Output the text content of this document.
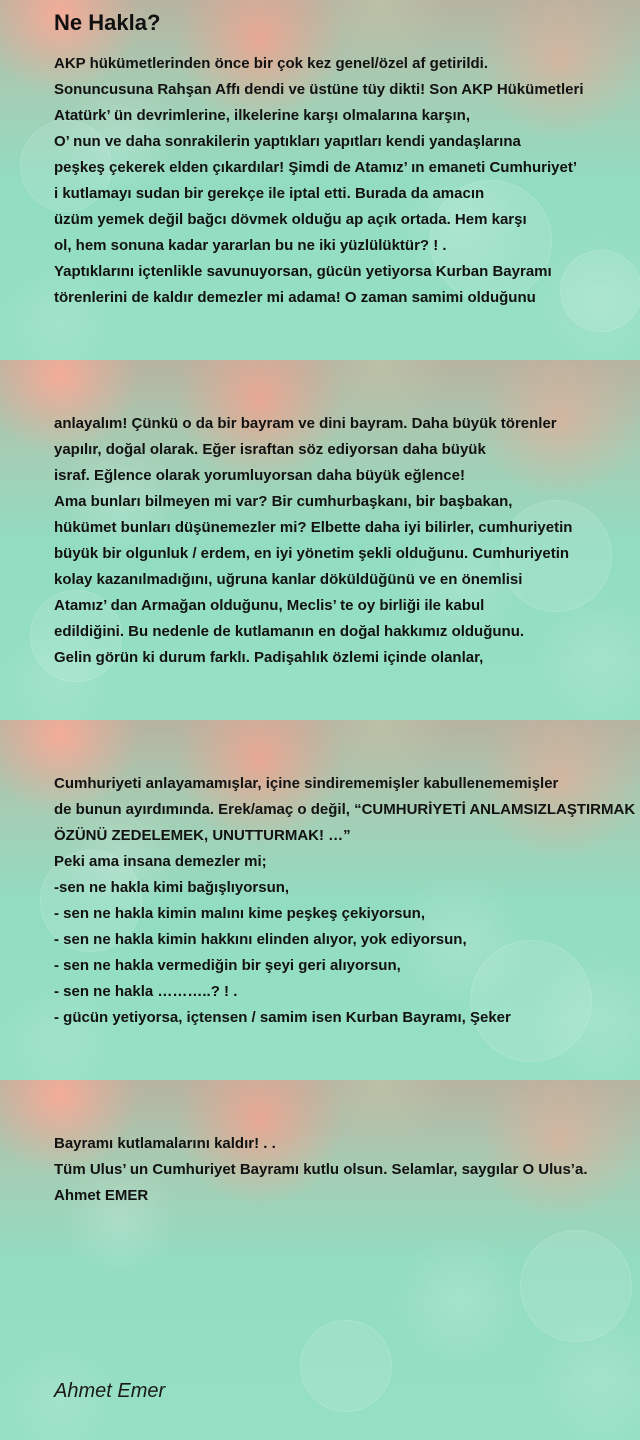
Ne Hakla?
AKP hükümetlerinden önce bir çok kez genel/özel af getirildi.
Sonuncusuna Rahşan Affı dendi ve üstüne tüy dikti! Son AKP Hükümetleri
Atatürk’ ün devrimlerine, ilkelerine karşı olmalarına karşın,
O’ nun ve daha sonrakilerin yaptıkları yapıtları kendi yandaşlarına
peşkeş çekerek elden çıkardılar! Şimdi de Atamız’ ın emaneti Cumhuriyet’
i kutlamayı sudan bir gerekçe ile iptal etti. Burada da amacın
üzüm yemek değil bağcı dövmek olduğu ap açık ortada. Hem karşı
ol, hem sonuna kadar yararlan bu ne iki yüzlülüktür? ! .
Yaptıklarını içtenlikle savunuyorsan, gücün yetiyorsa Kurban Bayramı
törenlerini de kaldır demezler mi adama! O zaman samimi olduğunu
anlayalım! Çünkü o da bir bayram ve dini bayram. Daha büyük törenler
yapılır, doğal olarak. Eğer israftan söz ediyorsan daha büyük
israf. Eğlence olarak yorumluyorsan daha büyük eğlence!
Ama bunları bilmeyen mi var? Bir cumhurbaşkanı, bir başbakan,
hükümet bunları düşünemezler mi? Elbette daha iyi bilirler, cumhuriyetin
büyük bir olgunluk / erdem, en iyi yönetim şekli olduğunu. Cumhuriyetin
kolay kazanılmadığını, uğruna kanlar döküldüğünü ve en önemlisi
Atamız’ dan Armağan olduğunu, Meclis’ te oy birliği ile kabul
edildiğini. Bu nedenle de kutlamanın en doğal hakkımız olduğunu.
Gelin görün ki durum farklı. Padişahlık özlemi içinde olanlar,
Cumhuriyeti anlayamamışlar, içine sindirememişler kabullenememişler
de bunun ayırdımında. Erek/amaç o değil, “CUMHURİYETİ ANLAMSIZLAŞTIRMAK
ÖZÜNÜ ZEDELEMEK, UNUTTURMAK! …”
Peki ama insana demezler mi;
-sen ne hakla kimi bağışlıyorsun,
- sen ne hakla kimin malını kime peşkeş çekiyorsun,
- sen ne hakla kimin hakkını elinden alıyor, yok ediyorsun,
- sen ne hakla vermediğin bir şeyi geri alıyorsun,
- sen ne hakla ………..? ! .
- gücün yetiyorsa, içtensen / samim isen Kurban Bayramı, Şeker
Bayramı kutlamalarını kaldır! . .
Tüm Ulus’ un Cumhuriyet Bayramı kutlu olsun. Selamlar, saygılar O Ulus’a.
Ahmet EMER
Ahmet Emer
